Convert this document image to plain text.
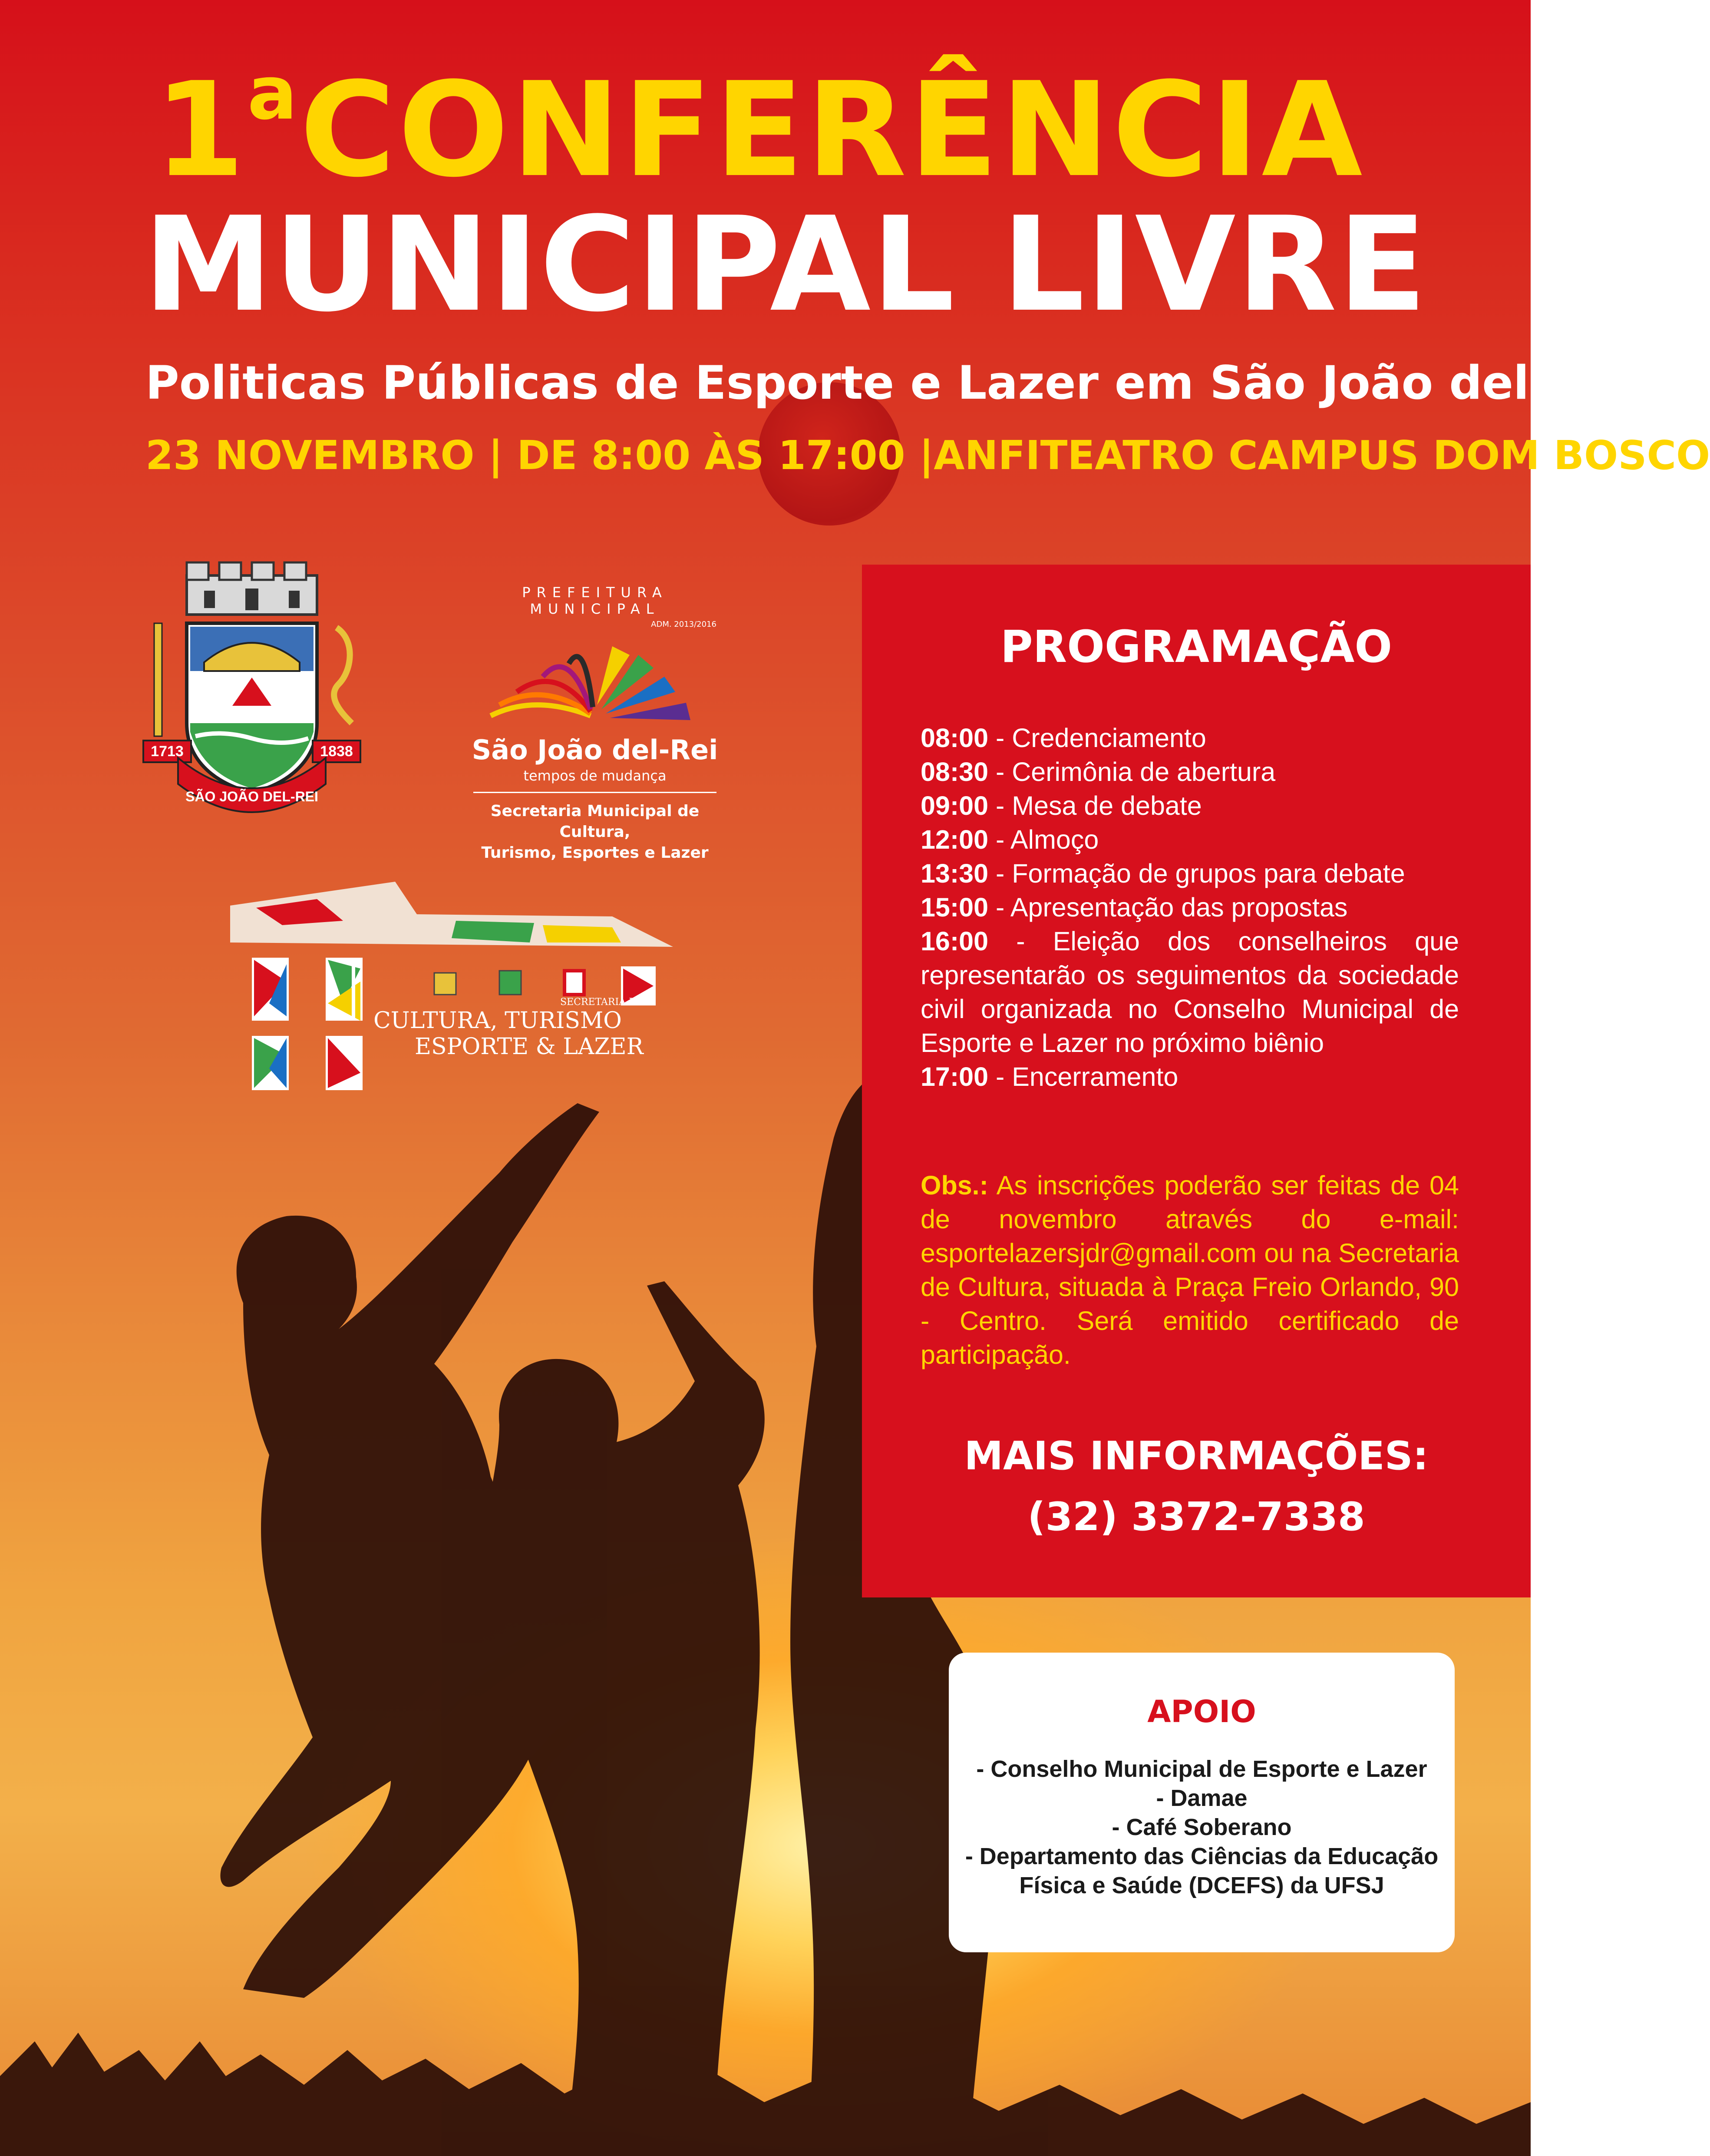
1$^a$CONFERÊNCIA
MUNICIPAL LIVRE
Politicas Públicas de Esporte e Lazer em São João del-Rei
23 NOVEMBRO | DE 8:00 ÀS 17:00 |ANFITEATRO CAMPUS DOM BOSCO
1713	1838
SÃO JOÃO DEL-REI
PREFEITURA MUNICIPAL
ADM. 2013/2016
São João del-Rei
tempos de mudança
Secretaria Municipal de Cultura,
Turismo, Esportes e Lazer
SECRETARIA DE
CULTURA, TURISMO
ESPORTE & LAZER
PROGRAMAÇÃO
08:00 - Credenciamento
08:30 - Cerimônia de abertura
09:00 - Mesa de debate
12:00 - Almoço
13:30 - Formação de grupos para debate
15:00 - Apresentação das propostas
16:00 - Eleição dos conselheiros que representarão os seguimentos da sociedade civil organizada no Conselho Municipal de Esporte e Lazer no próximo biênio
17:00 - Encerramento
Obs.: As inscrições poderão ser feitas de 04 de novembro através do e-mail: esportelazersjdr@gmail.com ou na Secretaria de Cultura, situada à Praça Freio Orlando, 90 - Centro. Será emitido certificado de participação.
MAIS INFORMAÇÕES:
(32) 3372-7338
APOIO
- Conselho Municipal de Esporte e Lazer
- Damae
- Café Soberano
- Departamento das Ciências da Educação
Física e Saúde (DCEFS) da UFSJ
